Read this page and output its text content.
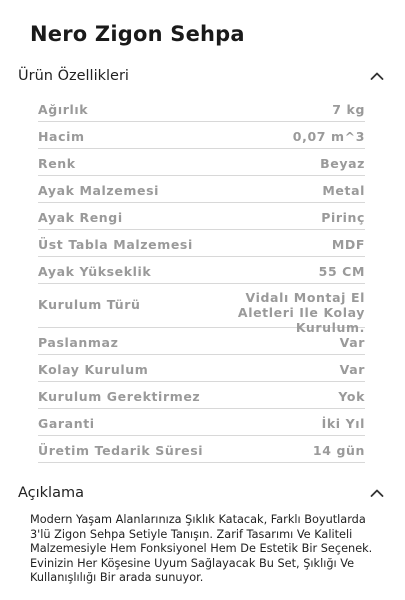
Nero Zigon Sehpa
Ürün Özellikleri
Ağırlık	7 kg
Hacim	0,07 m^3
Renk	Beyaz
Ayak Malzemesi	Metal
Ayak Rengi	Pirinç
Üst Tabla Malzemesi	MDF
Ayak Yükseklik	55 CM
Kurulum Türü	Vidalı Montaj El Aletleri Ile Kolay Kurulum.
Paslanmaz	Var
Kolay Kurulum	Var
Kurulum Gerektirmez	Yok
Garanti	İki Yıl
Üretim Tedarik Süresi	14 gün
Açıklama
Modern Yaşam Alanlarınıza Şıklık Katacak, Farklı Boyutlarda 3'lü Zigon Sehpa Setiyle Tanışın. Zarif Tasarımı Ve Kaliteli Malzemesiyle Hem Fonksiyonel Hem De Estetik Bir Seçenek. Evinizin Her Köşesine Uyum Sağlayacak Bu Set, Şıklığı Ve Kullanışlılığı Bir arada sunuyor.
